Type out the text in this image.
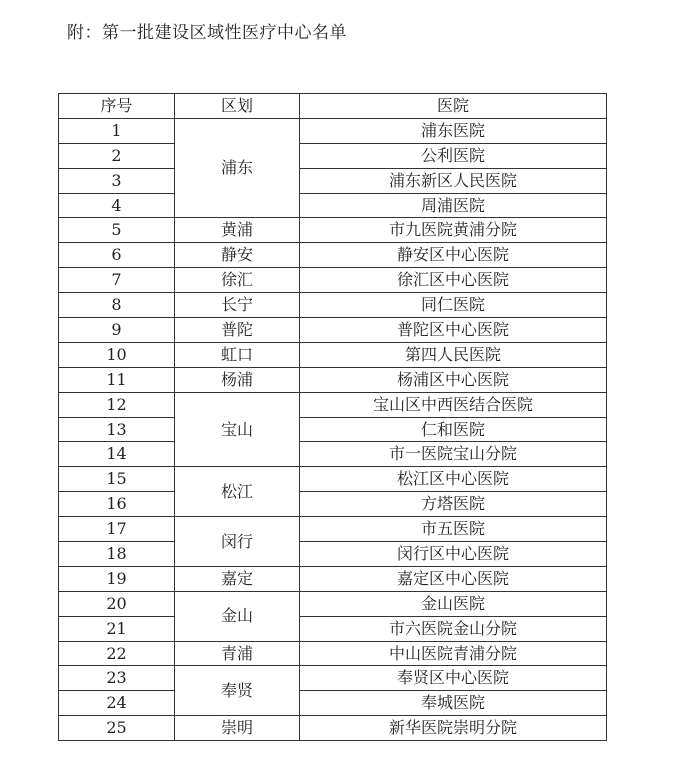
附：第一批建设区域性医疗中心名单
序号	区划	医院
1	浦东	浦东医院
2		公利医院
3		浦东新区人民医院
4		周浦医院
5	黄浦	市九医院黄浦分院
6	静安	静安区中心医院
7	徐汇	徐汇区中心医院
8	长宁	同仁医院
9	普陀	普陀区中心医院
10	虹口	第四人民医院
11	杨浦	杨浦区中心医院
12	宝山	宝山区中西医结合医院
13		仁和医院
14		市一医院宝山分院
15	松江	松江区中心医院
16		方塔医院
17	闵行	市五医院
18		闵行区中心医院
19	嘉定	嘉定区中心医院
20	金山	金山医院
21		市六医院金山分院
22	青浦	中山医院青浦分院
23	奉贤	奉贤区中心医院
24		奉城医院
25	崇明	新华医院崇明分院
